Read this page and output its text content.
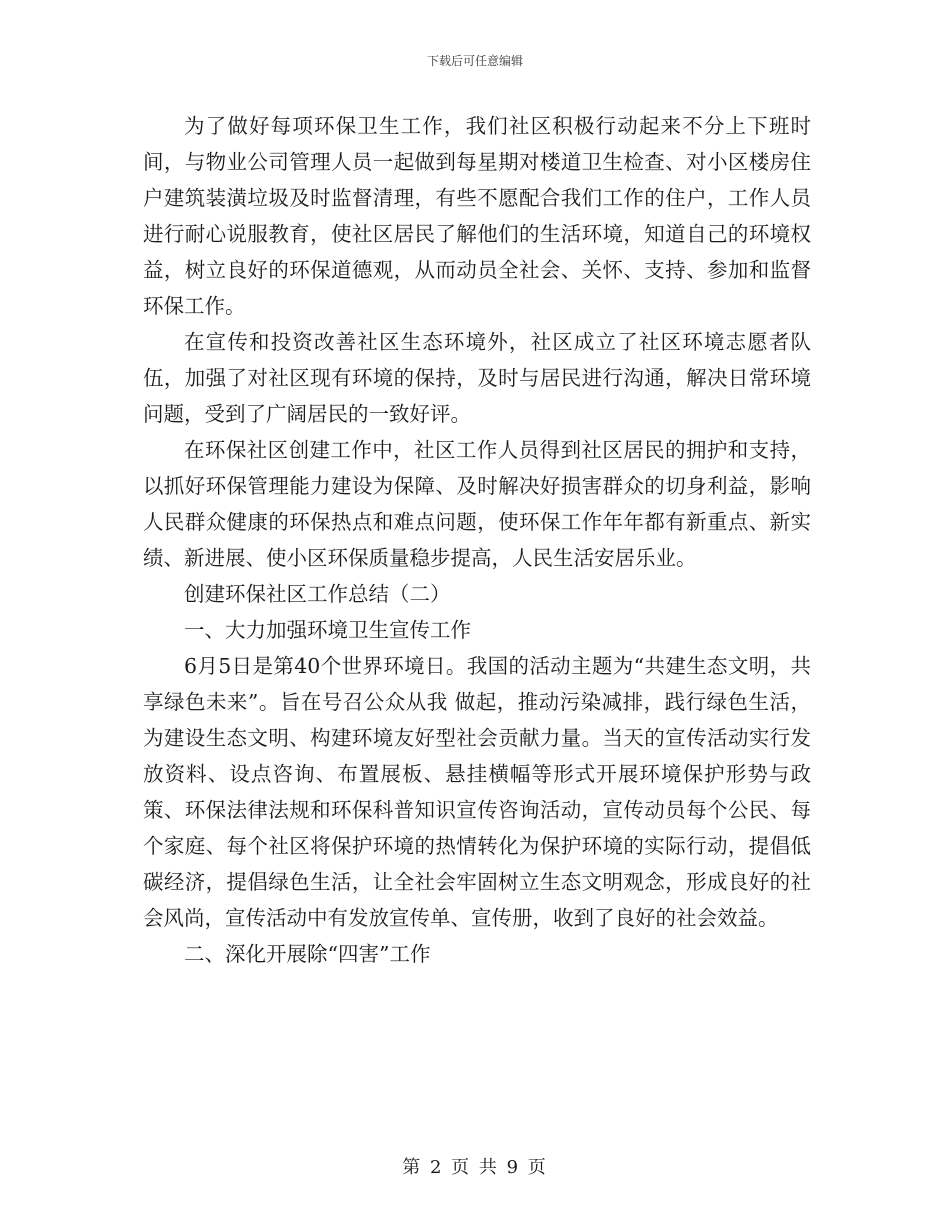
下载后可任意编辑

为了做好每项环保卫生工作，我们社区积极行动起来不分上下班时间，与物业公司管理人员一起做到每星期对楼道卫生检查、对小区楼房住户建筑装潢垃圾及时监督清理，有些不愿配合我们工作的住户，工作人员进行耐心说服教育，使社区居民了解他们的生活环境，知道自己的环境权益，树立良好的环保道德观，从而动员全社会、关怀、支持、参加和监督环保工作。

在宣传和投资改善社区生态环境外，社区成立了社区环境志愿者队伍，加强了对社区现有环境的保持，及时与居民进行沟通，解决日常环境问题，受到了广阔居民的一致好评。

在环保社区创建工作中，社区工作人员得到社区居民的拥护和支持，以抓好环保管理能力建设为保障、及时解决好损害群众的切身利益，影响人民群众健康的环保热点和难点问题，使环保工作年年都有新重点、新实绩、新进展、使小区环保质量稳步提高，人民生活安居乐业。

创建环保社区工作总结（二）

一、大力加强环境卫生宣传工作

6月5日是第40个世界环境日。我国的活动主题为“共建生态文明，共享绿色未来”。旨在号召公众从我 做起，推动污染减排，践行绿色生活，为建设生态文明、构建环境友好型社会贡献力量。当天的宣传活动实行发放资料、设点咨询、布置展板、悬挂横幅等形式开展环境保护形势与政策、环保法律法规和环保科普知识宣传咨询活动，宣传动员每个公民、每个家庭、每个社区将保护环境的热情转化为保护环境的实际行动，提倡低碳经济，提倡绿色生活，让全社会牢固树立生态文明观念，形成良好的社会风尚，宣传活动中有发放宣传单、宣传册，收到了良好的社会效益。

二、深化开展除“四害”工作

第 2 页 共 9 页
